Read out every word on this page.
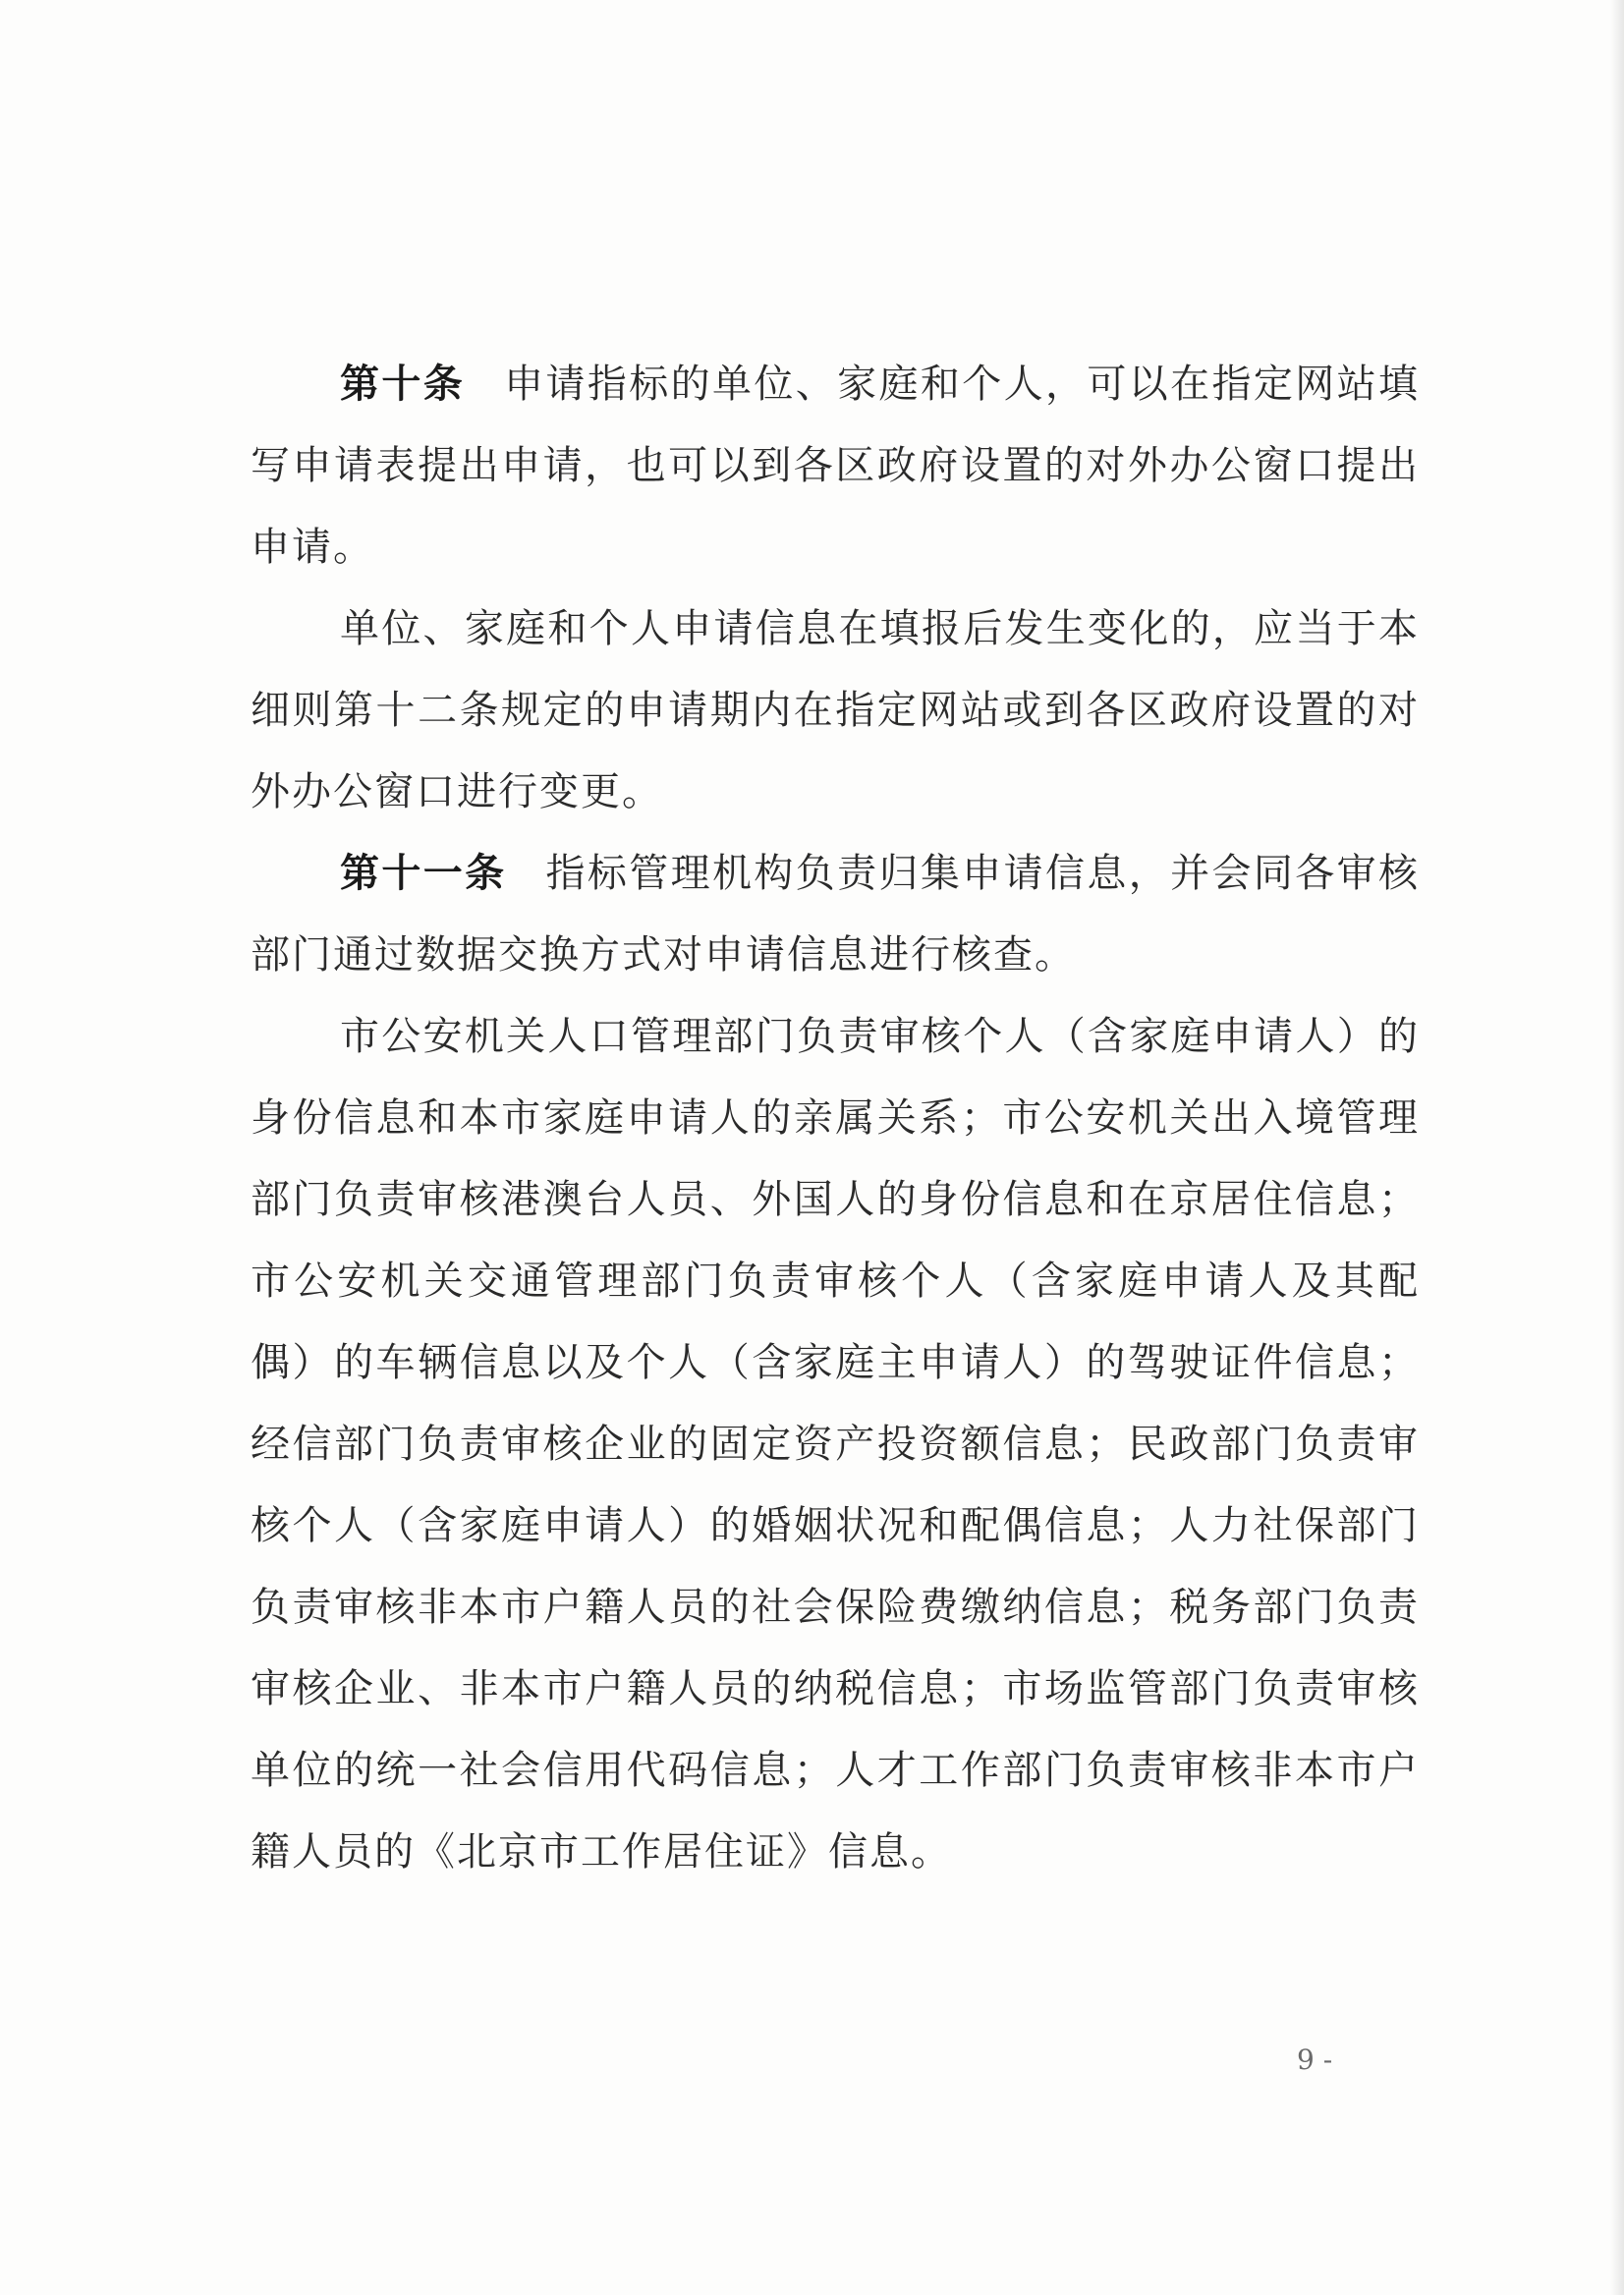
第十条 申请指标的单位、家庭和个人，可以在指定网站填写申请表提出申请，也可以到各区政府设置的对外办公窗口提出申请。

单位、家庭和个人申请信息在填报后发生变化的，应当于本细则第十二条规定的申请期内在指定网站或到各区政府设置的对外办公窗口进行变更。

第十一条 指标管理机构负责归集申请信息，并会同各审核部门通过数据交换方式对申请信息进行核查。

市公安机关人口管理部门负责审核个人（含家庭申请人）的身份信息和本市家庭申请人的亲属关系；市公安机关出入境管理部门负责审核港澳台人员、外国人的身份信息和在京居住信息；市公安机关交通管理部门负责审核个人（含家庭申请人及其配偶）的车辆信息以及个人（含家庭主申请人）的驾驶证件信息；经信部门负责审核企业的固定资产投资额信息；民政部门负责审核个人（含家庭申请人）的婚姻状况和配偶信息；人力社保部门负责审核非本市户籍人员的社会保险费缴纳信息；税务部门负责审核企业、非本市户籍人员的纳税信息；市场监管部门负责审核单位的统一社会信用代码信息；人才工作部门负责审核非本市户籍人员的《北京市工作居住证》信息。

9 -
